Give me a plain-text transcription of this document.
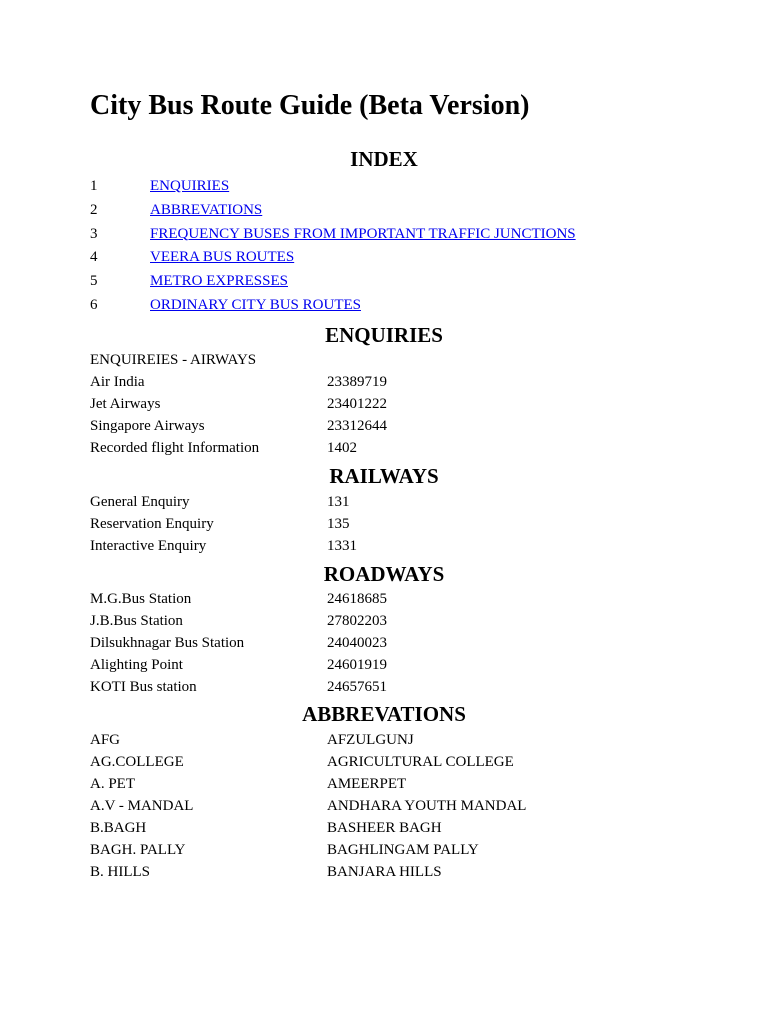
City Bus Route Guide (Beta Version)
INDEX
1	ENQUIRIES
2	ABBREVATIONS
3	FREQUENCY BUSES FROM IMPORTANT TRAFFIC JUNCTIONS
4	VEERA BUS ROUTES
5	METRO EXPRESSES
6	ORDINARY CITY BUS ROUTES
ENQUIRIES

ENQUIREIES - AIRWAYS

Air India	23389719
Jet Airways	23401222
Singapore Airways	23312644
Recorded flight Information	1402
RAILWAYS
General Enquiry	131
Reservation Enquiry	135
Interactive Enquiry	1331
ROADWAYS
M.G.Bus Station	24618685
J.B.Bus Station	27802203
Dilsukhnagar Bus Station	24040023
Alighting Point	24601919
KOTI Bus station	24657651
ABBREVATIONS
AFG	AFZULGUNJ
AG.COLLEGE	AGRICULTURAL COLLEGE
A. PET	AMEERPET
A.V - MANDAL	ANDHARA YOUTH MANDAL
B.BAGH	BASHEER BAGH
BAGH. PALLY	BAGHLINGAM PALLY
B. HILLS	BANJARA HILLS
